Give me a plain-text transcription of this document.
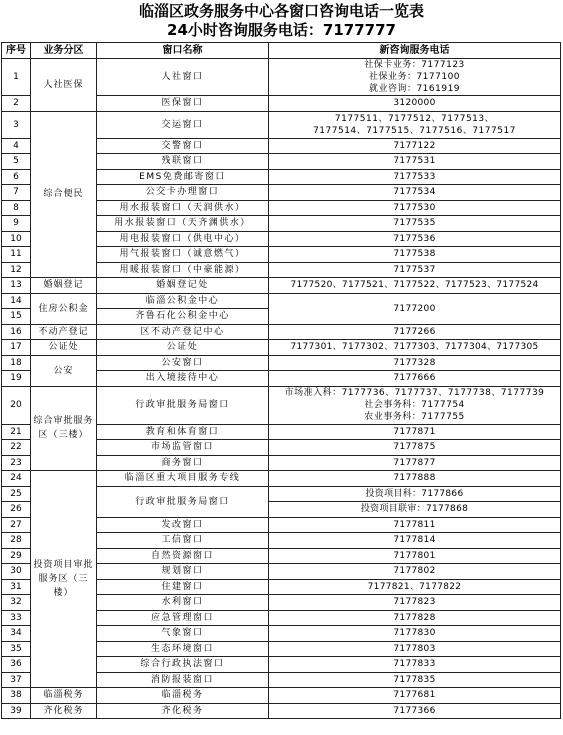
临淄区政务服务中心各窗口咨询电话一览表
24小时咨询服务电话：7177777
序号	业务分区	窗口名称	新咨询服务电话
1	人社医保	人社窗口	社保卡业务：7177123
社保业务：7177100
就业咨询：7161919

2		医保窗口	3120000
3	综合便民	交运窗口	7177511、7177512、7177513、
7177514、7177515、7177516、7177517

4		交警窗口	7177122
5		残联窗口	7177531
6		EMS免费邮寄窗口	7177533
7		公交卡办理窗口	7177534
8		用水报装窗口（天润供水）	7177530
9		用水报装窗口（天齐渊供水）	7177535
10		用电报装窗口（供电中心）	7177536
11		用气报装窗口（诚意燃气）	7177538
12		用暖报装窗口（中豪能源）	7177537
13	婚姻登记	婚姻登记处	7177520、7177521、7177522、7177523、7177524
14	住房公积金	临淄公积金中心	7177200
15		齐鲁石化公积金中心	
16	不动产登记	区不动产登记中心	7177266
17	公证处	公证处	7177301、7177302、7177303、7177304、7177305
18	公安	公安窗口	7177328
19		出入境接待中心	7177666
20	综合审批服务区（三楼）	行政审批服务局窗口	市场准入科：7177736、7177737、7177738、7177739
社会事务科：7177754
农业事务科：7177755

21		教育和体育窗口	7177871
22		市场监管窗口	7177875
23		商务窗口	7177877
24	投资项目审批服务区（三楼）	临淄区重大项目服务专线	7177888
25		行政审批服务局窗口	投资项目科：7177866
26			投资项目联审：7177868
27		发改窗口	7177811
28		工信窗口	7177814
29		自然资源窗口	7177801
30		规划窗口	7177802
31		住建窗口	7177821、7177822
32		水利窗口	7177823
33		应急管理窗口	7177828
34		气象窗口	7177830
35		生态环境窗口	7177803
36		综合行政执法窗口	7177833
37		消防报装窗口	7177835
38	临淄税务	临淄税务	7177681
39	齐化税务	齐化税务	7177366
